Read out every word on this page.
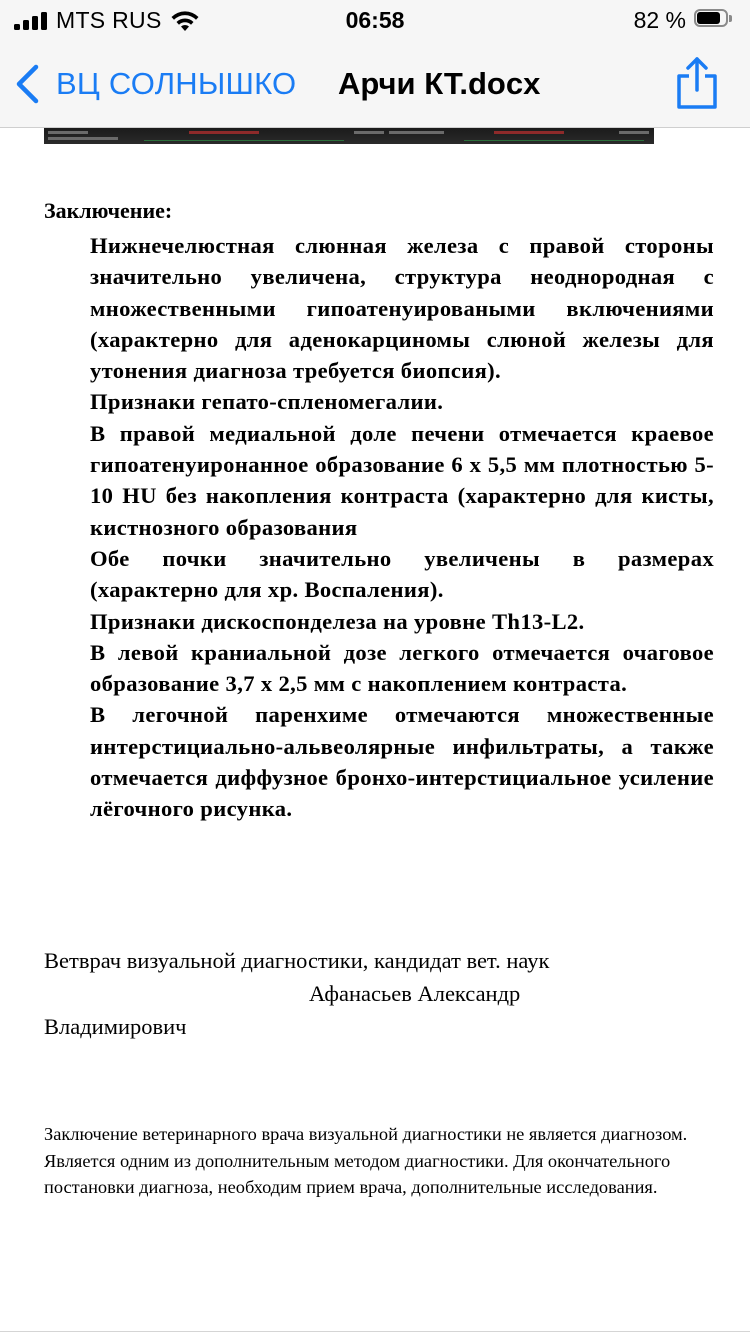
MTS RUS	06:58	82 %
ВЦ СОЛНЫШКО Арчи КТ.docx
Заключение:

Нижнечелюстная слюнная железа с правой стороны значительно увеличена, структура неоднородная с множественными гипоатенуироваными включениями (характерно для аденокарциномы слюной железы для утонения диагноза требуется биопсия).

Признаки гепато-спленомегалии.

В правой медиальной доле печени отмечается краевое гипоатенуиронанное образование 6 х 5,5 мм плотностью 5-10 HU без накопления контраста (характерно для кисты, кистнозного образования

Обе почки значительно увеличены в размерах (характерно для хр. Воспаления).

Признаки дискоспонделеза на уровне Th13-L2.

В левой краниальной дозе легкого отмечается очаговое образование 3,7 х 2,5 мм с накоплением контраста.

В легочной паренхиме отмечаются множественные интерстициально-альвеолярные инфильтраты, а также отмечается диффузное бронхо-интерстициальное усиление лёгочного рисунка.

Ветврач визуальной диагностики, кандидат вет. наук
Афанасьев Александр
Владимирович
Заключение ветеринарного врача визуальной диагностики не является диагнозом. Является одним из дополнительным методом диагностики. Для окончательного постановки диагноза, необходим прием врача, дополнительные исследования.
